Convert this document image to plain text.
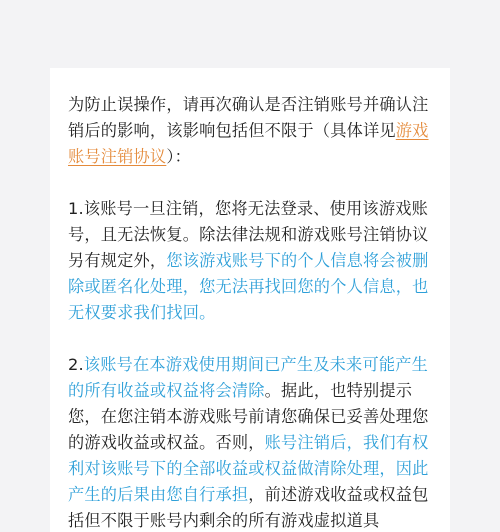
为防止误操作，请再次确认是否注销账号并确认注销后的影响，该影响包括但不限于（具体详见游戏账号注销协议）：

1.该账号一旦注销，您将无法登录、使用该游戏账号，且无法恢复。除法律法规和游戏账号注销协议另有规定外，您该游戏账号下的个人信息将会被删除或匿名化处理，您无法再找回您的个人信息，也无权要求我们找回。

2.该账号在本游戏使用期间已产生及未来可能产生的所有收益或权益将会清除。据此，也特别提示您，在您注销本游戏账号前请您确保已妥善处理您的游戏收益或权益。否则，账号注销后，我们有权利对该账号下的全部收益或权益做清除处理，因此产生的后果由您自行承担，前述游戏收益或权益包括但不限于账号内剩余的所有游戏虚拟道具
